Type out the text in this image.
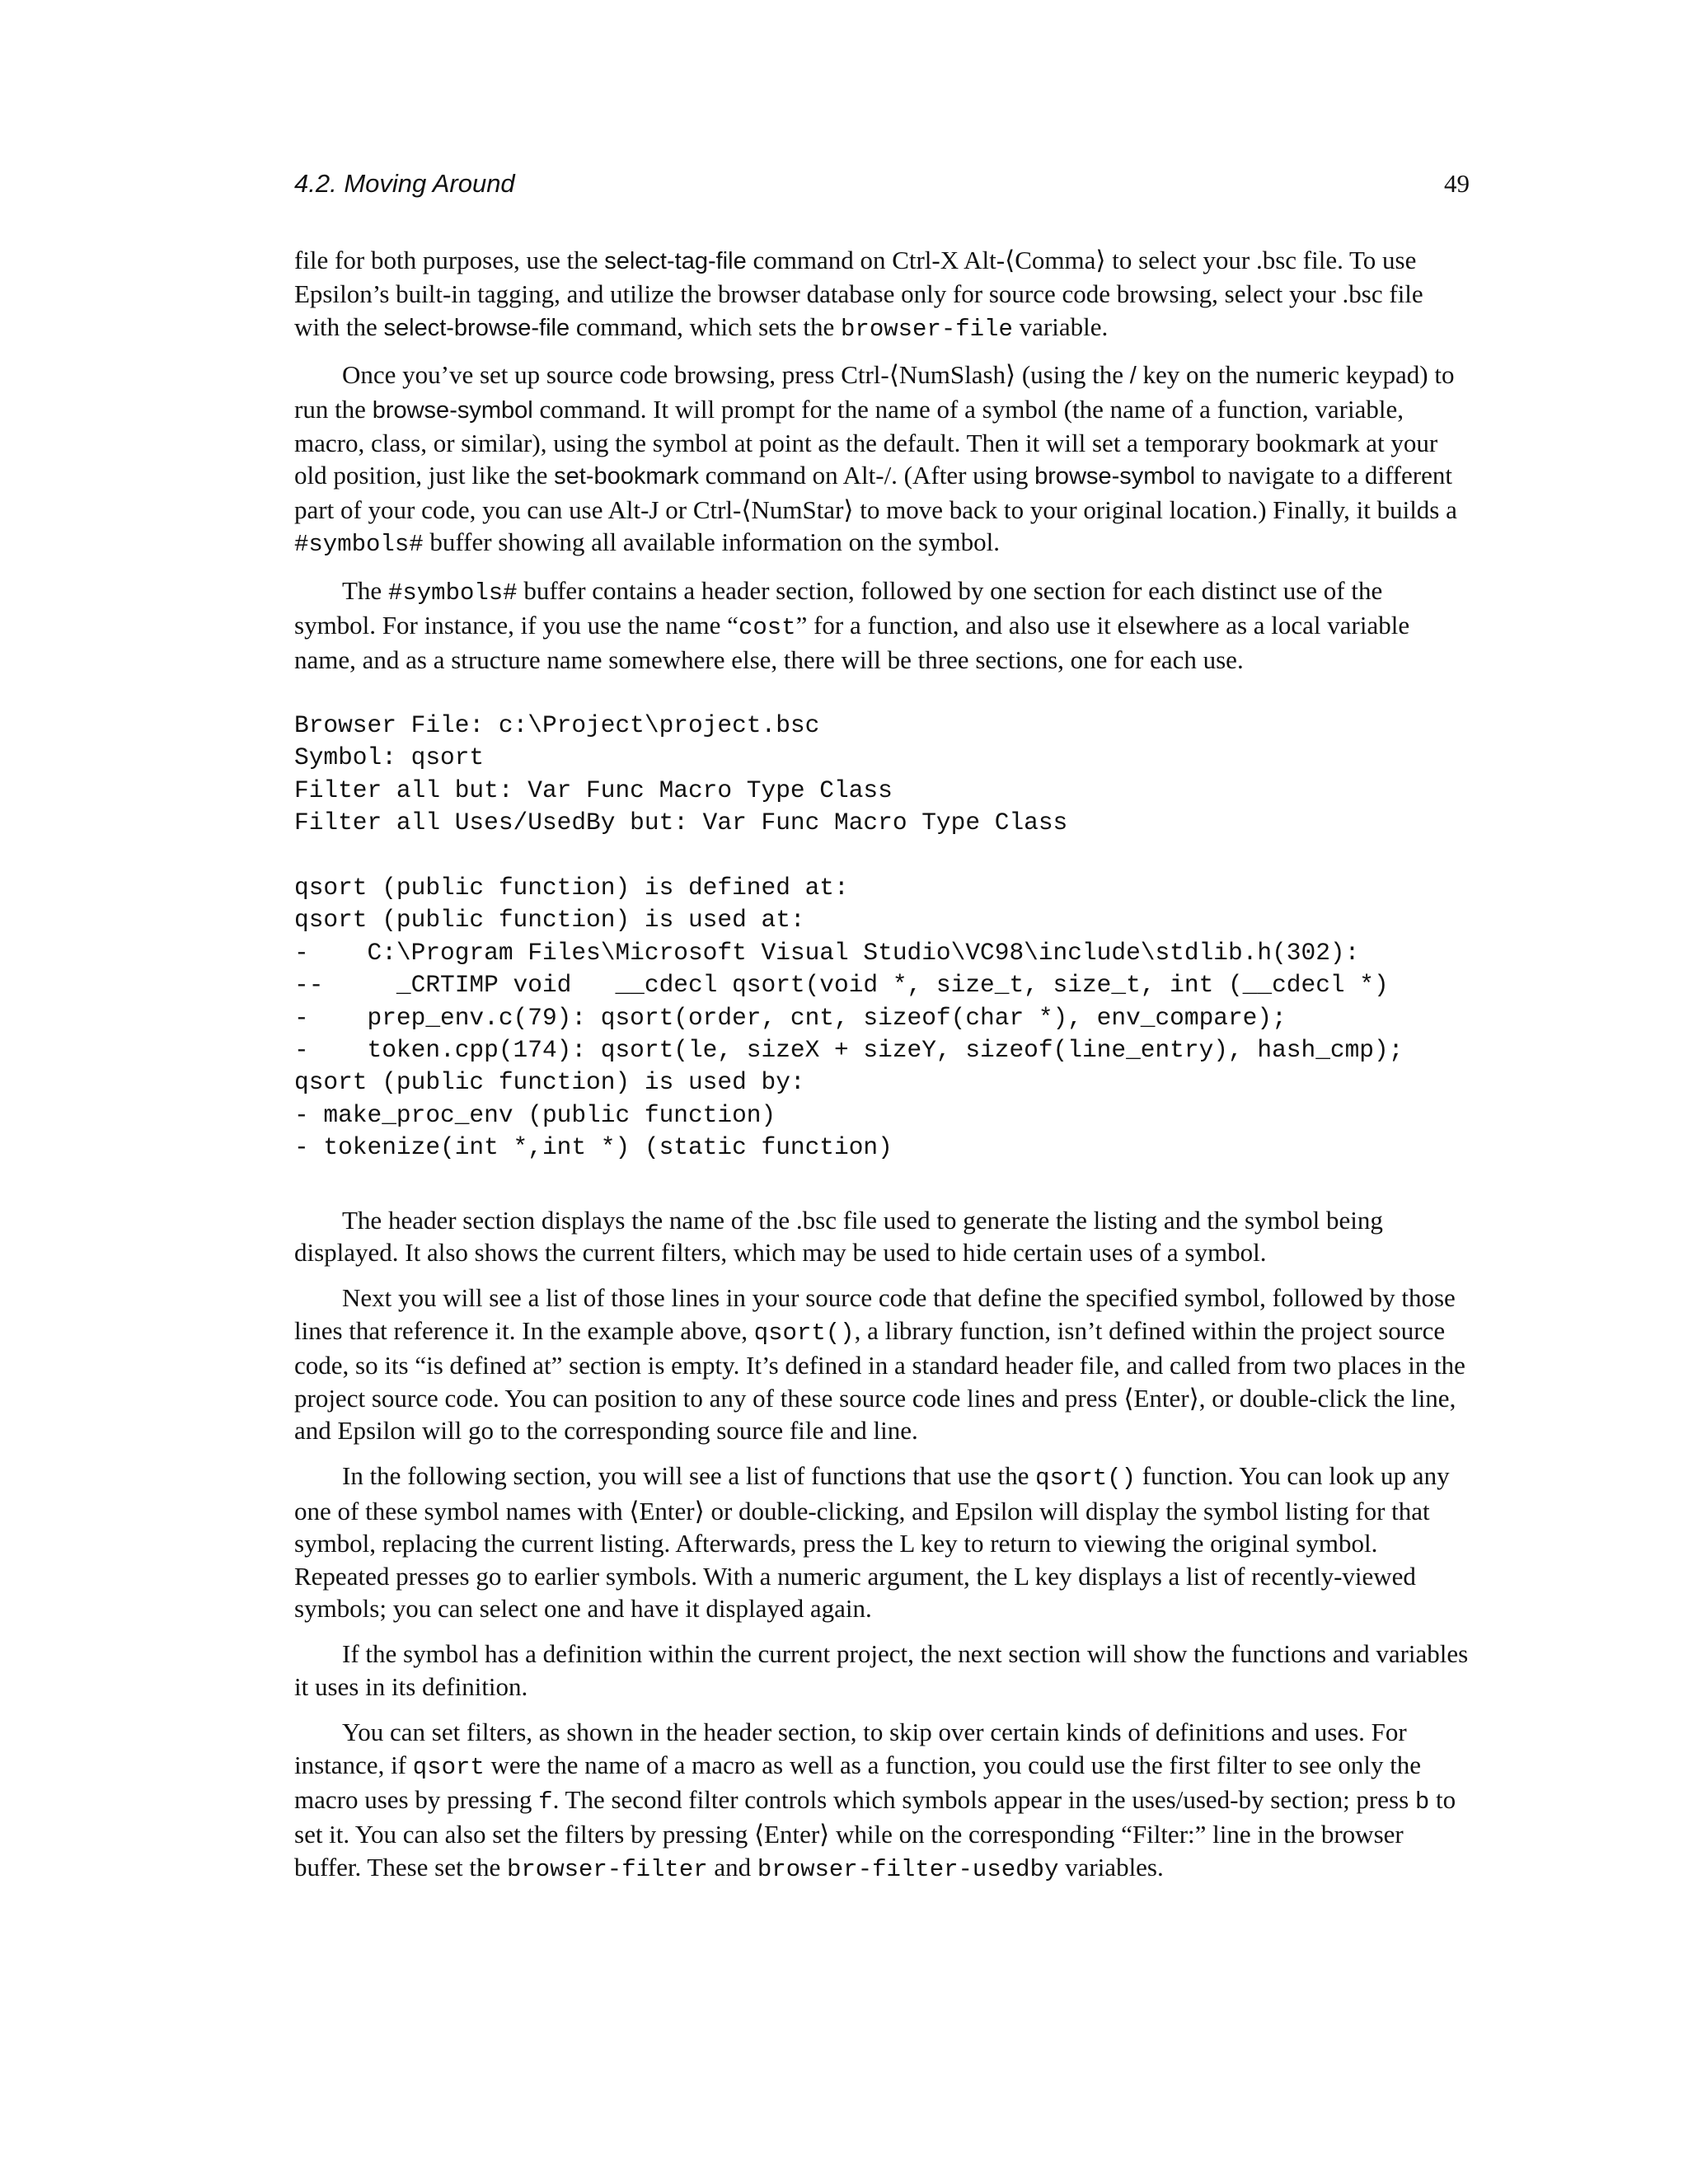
4.2. Moving Around	49

file for both purposes, use the select-tag-file command on Ctrl-X Alt-⟨Comma⟩ to select your .bsc file. To use Epsilon’s built-in tagging, and utilize the browser database only for source code browsing, select your .bsc file with the select-browse-file command, which sets the browser-file variable.

Once you’ve set up source code browsing, press Ctrl-⟨NumSlash⟩ (using the / key on the numeric keypad) to run the browse-symbol command. It will prompt for the name of a symbol (the name of a function, variable, macro, class, or similar), using the symbol at point as the default. Then it will set a temporary bookmark at your old position, just like the set-bookmark command on Alt-/. (After using browse-symbol to navigate to a different part of your code, you can use Alt-J or Ctrl-⟨NumStar⟩ to move back to your original location.) Finally, it builds a #symbols# buffer showing all available information on the symbol.

The #symbols# buffer contains a header section, followed by one section for each distinct use of the symbol. For instance, if you use the name “cost” for a function, and also use it elsewhere as a local variable name, and as a structure name somewhere else, there will be three sections, one for each use.

Browser File: c:\Project\project.bsc
Symbol: qsort
Filter all but: Var Func Macro Type Class
Filter all Uses/UsedBy but: Var Func Macro Type Class

qsort (public function) is defined at:
qsort (public function) is used at:
-    C:\Program Files\Microsoft Visual Studio\VC98\include\stdlib.h(302):
--     _CRTIMP void   __cdecl qsort(void *, size_t, size_t, int (__cdecl *)
-    prep_env.c(79): qsort(order, cnt, sizeof(char *), env_compare);
-    token.cpp(174): qsort(le, sizeX + sizeY, sizeof(line_entry), hash_cmp);
qsort (public function) is used by:
- make_proc_env (public function)
- tokenize(int *,int *) (static function)

The header section displays the name of the .bsc file used to generate the listing and the symbol being displayed. It also shows the current filters, which may be used to hide certain uses of a symbol.

Next you will see a list of those lines in your source code that define the specified symbol, followed by those lines that reference it. In the example above, qsort(), a library function, isn’t defined within the project source code, so its “is defined at” section is empty. It’s defined in a standard header file, and called from two places in the project source code. You can position to any of these source code lines and press ⟨Enter⟩, or double-click the line, and Epsilon will go to the corresponding source file and line.

In the following section, you will see a list of functions that use the qsort() function. You can look up any one of these symbol names with ⟨Enter⟩ or double-clicking, and Epsilon will display the symbol listing for that symbol, replacing the current listing. Afterwards, press the L key to return to viewing the original symbol. Repeated presses go to earlier symbols. With a numeric argument, the L key displays a list of recently-viewed symbols; you can select one and have it displayed again.

If the symbol has a definition within the current project, the next section will show the functions and variables it uses in its definition.

You can set filters, as shown in the header section, to skip over certain kinds of definitions and uses. For instance, if qsort were the name of a macro as well as a function, you could use the first filter to see only the macro uses by pressing f. The second filter controls which symbols appear in the uses/used-by section; press b to set it. You can also set the filters by pressing ⟨Enter⟩ while on the corresponding “Filter:” line in the browser buffer. These set the browser-filter and browser-filter-usedby variables.
